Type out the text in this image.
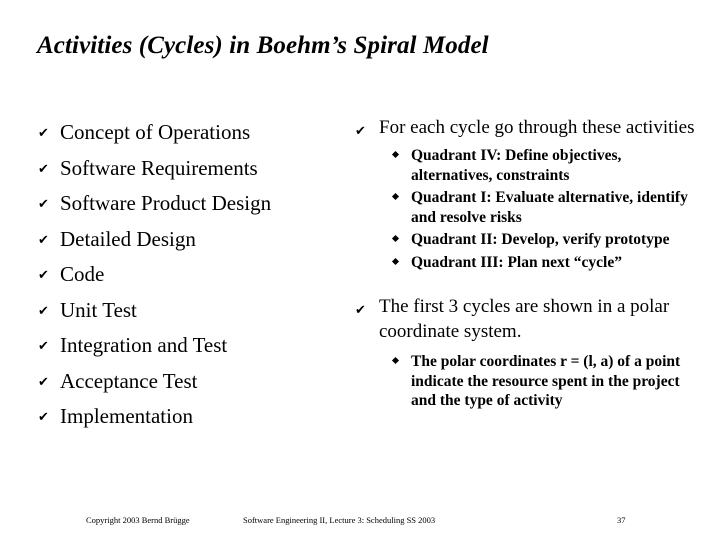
Activities (Cycles) in Boehm’s Spiral Model
✔ Concept of Operations
✔ Software Requirements
✔ Software Product Design
✔ Detailed Design
✔ Code
✔ Unit Test
✔ Integration and Test
✔ Acceptance Test
✔ Implementation
✔ For each cycle go through these activities
Quadrant IV: Define objectives, alternatives, constraints
Quadrant I: Evaluate alternative, identify and resolve risks
Quadrant II: Develop, verify prototype
Quadrant III: Plan next “cycle”
✔ The first 3 cycles are shown in a polar coordinate system.
The polar coordinates r = (l, a) of a point indicate the resource spent in the project and the type of activity
Copyright 2003 Bernd Brügge	Software Engineering II, Lecture 3: Scheduling SS 2003	37
